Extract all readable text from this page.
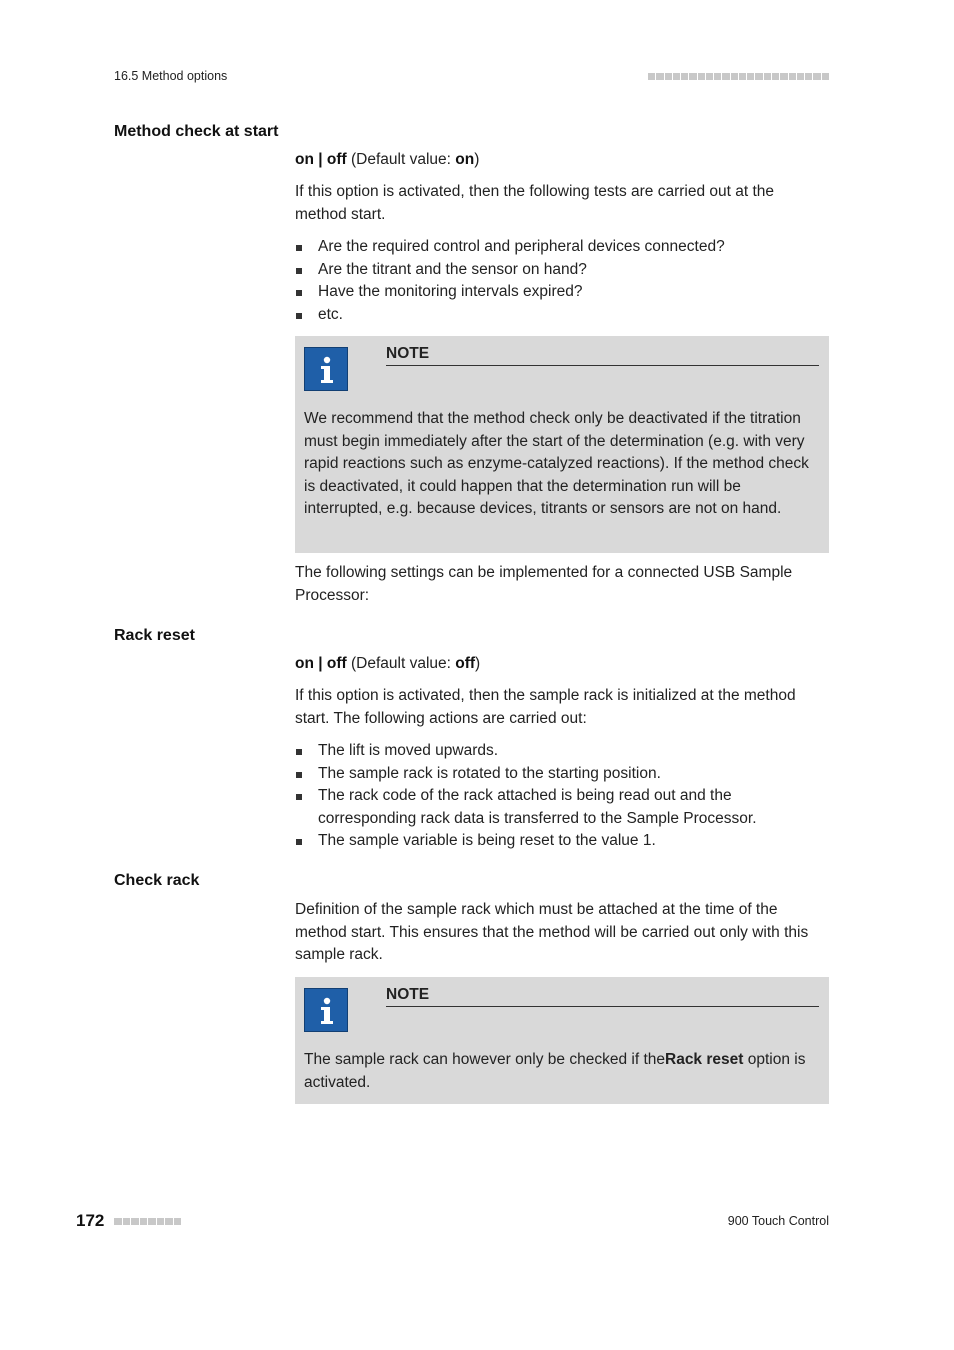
16.5 Method options
Method check at start
on | off (Default value: on)
If this option is activated, then the following tests are carried out at the method start.
Are the required control and peripheral devices connected?
Are the titrant and the sensor on hand?
Have the monitoring intervals expired?
etc.
NOTE
We recommend that the method check only be deactivated if the titration must begin immediately after the start of the determination (e.g. with very rapid reactions such as enzyme-catalyzed reactions). If the method check is deactivated, it could happen that the determination run will be interrupted, e.g. because devices, titrants or sensors are not on hand.
The following settings can be implemented for a connected USB Sample Processor:
Rack reset
on | off (Default value: off)
If this option is activated, then the sample rack is initialized at the method start. The following actions are carried out:
The lift is moved upwards.
The sample rack is rotated to the starting position.
The rack code of the rack attached is being read out and the corresponding rack data is transferred to the Sample Processor.
The sample variable is being reset to the value 1.
Check rack
Definition of the sample rack which must be attached at the time of the method start. This ensures that the method will be carried out only with this sample rack.
NOTE
The sample rack can however only be checked if theRack reset option is activated.
172	900 Touch Control
